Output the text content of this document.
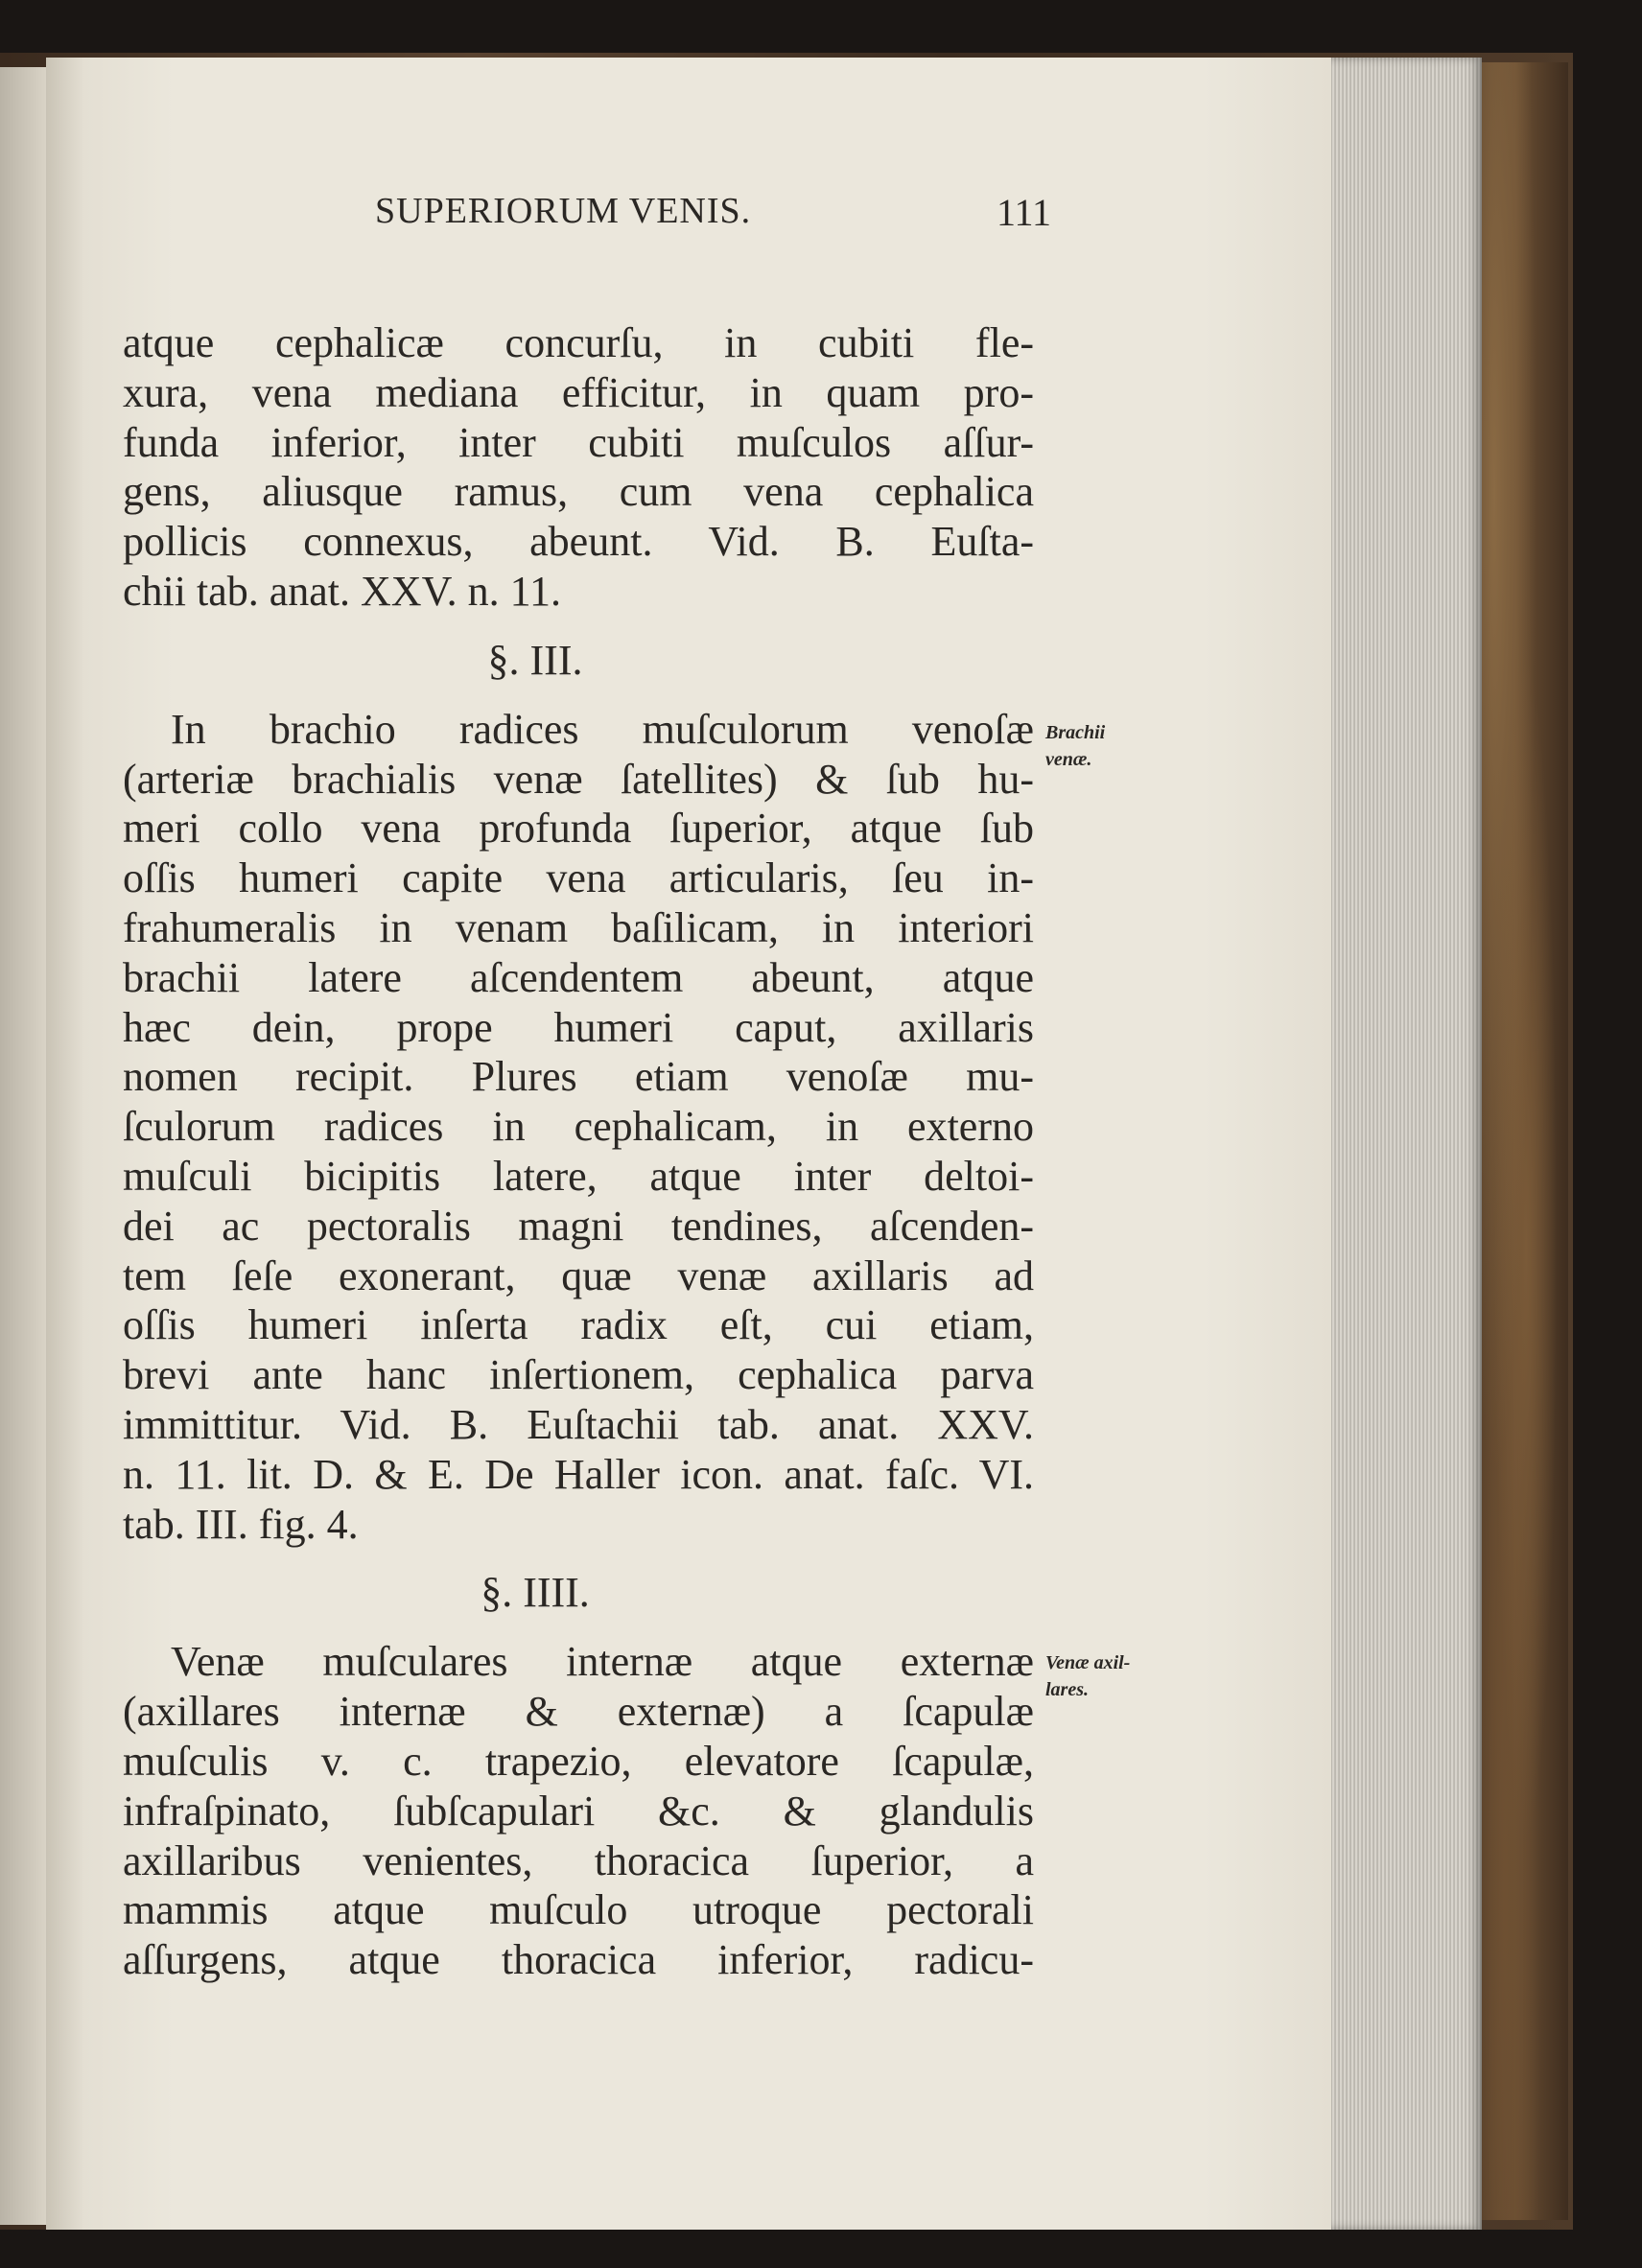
SUPERIORUM VENIS.	111
atque cephalicæ concurſu, in cubiti fle-
xura, vena mediana efficitur, in quam pro-
funda inferior, inter cubiti muſculos aſſur-
gens, aliusque ramus, cum vena cephalica
pollicis connexus, abeunt. Vid. B. Euſta-
chii tab. anat. XXV. n. 11.
§. III.
In brachio radices muſculorum venoſæ
(arteriæ brachialis venæ ſatellites) & ſub hu-
meri collo vena profunda ſuperior, atque ſub
oſſis humeri capite vena articularis, ſeu in-
frahumeralis in venam baſilicam, in interiori
brachii latere aſcendentem abeunt, atque
hæc dein, prope humeri caput, axillaris
nomen recipit. Plures etiam venoſæ mu-
ſculorum radices in cephalicam, in externo
muſculi bicipitis latere, atque inter deltoi-
dei ac pectoralis magni tendines, aſcenden-
tem ſeſe exonerant, quæ venæ axillaris ad
oſſis humeri inſerta radix eſt, cui etiam,
brevi ante hanc inſertionem, cephalica parva
immittitur. Vid. B. Euſtachii tab. anat. XXV.
n. 11. lit. D. & E. De Haller icon. anat. faſc. VI.
tab. III. fig. 4.
§. IIII.
Venæ muſculares internæ atque externæ
(axillares internæ & externæ) a ſcapulæ
muſculis v. c. trapezio, elevatore ſcapulæ,
infraſpinato, ſubſcapulari &c. & glandulis
axillaribus venientes, thoracica ſuperior, a
mammis atque muſculo utroque pectorali
aſſurgens, atque thoracica inferior, radicu-
Brachii
venæ.
Venæ axil-
lares.
